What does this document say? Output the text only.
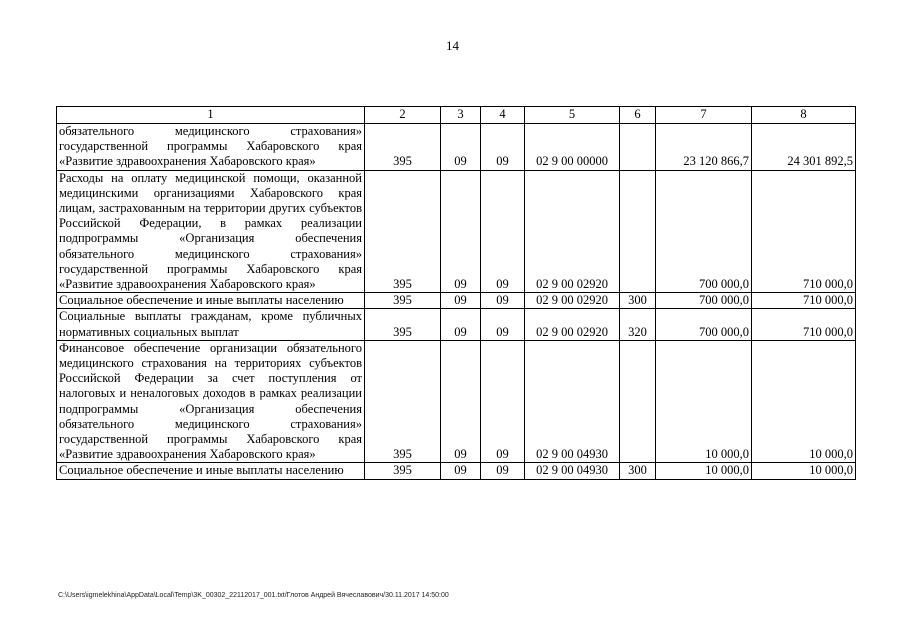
14
1	2	3	4	5	6	7	8
обязательного медицинского страхования» государственной программы Хабаровского края «Развитие здравоохранения Хабаровского края»	395	09	09	02 9 00 00000		23 120 866,7	24 301 892,5
Расходы на оплату медицинской помощи, оказанной медицинскими организациями Хабаровского края лицам, застрахованным на территории других субъектов Российской Федерации, в рамках реализации подпрограммы «Организация обеспечения обязательного медицинского страхования» государственной программы Хабаровского края «Развитие здравоохранения Хабаровского края»	395	09	09	02 9 00 02920		700 000,0	710 000,0
Социальное обеспечение и иные выплаты населению	395	09	09	02 9 00 02920	300	700 000,0	710 000,0
Социальные выплаты гражданам, кроме публичных нормативных социальных выплат	395	09	09	02 9 00 02920	320	700 000,0	710 000,0
Финансовое обеспечение организации обязательного медицинского страхования на территориях субъектов Российской Федерации за счет поступления от налоговых и неналоговых доходов в рамках реализации подпрограммы «Организация обеспечения обязательного медицинского страхования» государственной программы Хабаровского края «Развитие здравоохранения Хабаровского края»	395	09	09	02 9 00 04930		10 000,0	10 000,0
Социальное обеспечение и иные выплаты населению	395	09	09	02 9 00 04930	300	10 000,0	10 000,0
C:\Users\igmelekhina\AppData\Local\Temp\3K_00302_22112017_001.txt/Глотов Андрей Вячеславович/30.11.2017 14:50:00
